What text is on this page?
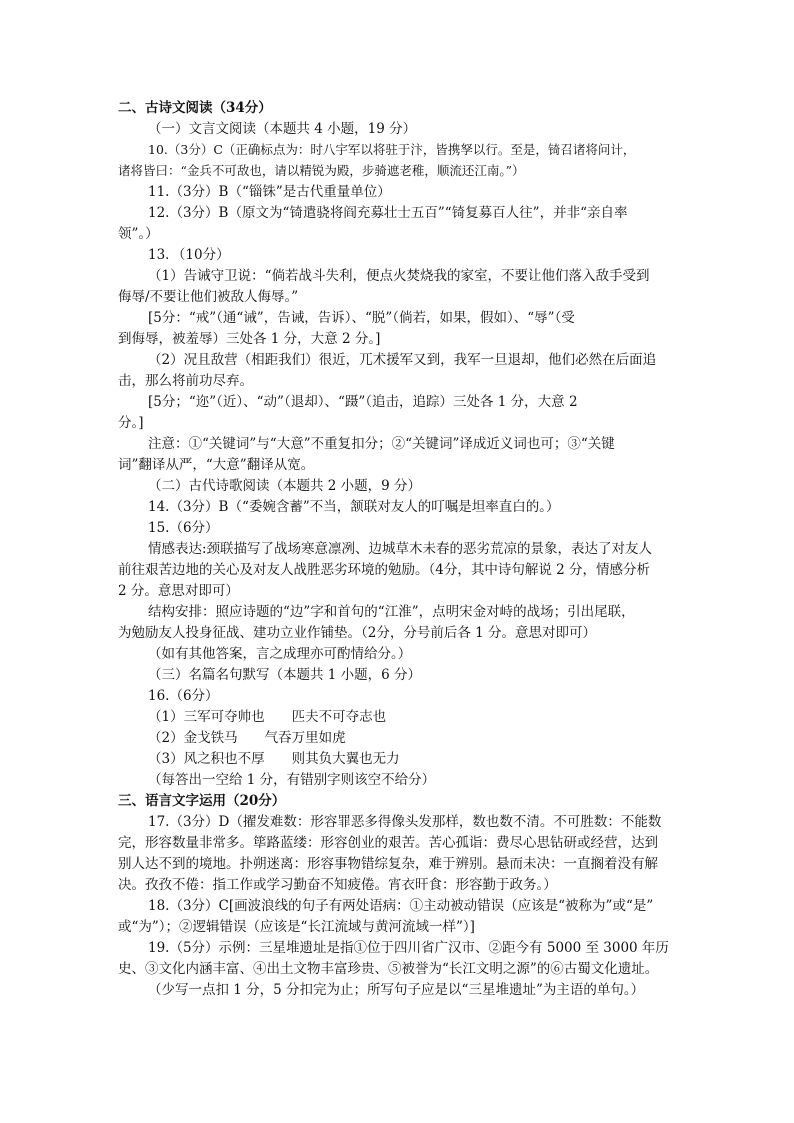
二、古诗文阅读（34分）
（一）文言文阅读（本题共 4 小题，19 分）
10.（3分）C（正确标点为：时八宇军以将驻于汴，皆携孥以行。至是，锜召诸将问计，
诸将皆曰：“金兵不可敌也，请以精锐为殿，步骑遮老稚，顺流还江南。”）
11.（3分）B（“锱铢”是古代重量单位）
12.（3分）B（原文为“锜遣骁将阎充募壮士五百”“锜复募百人往”，并非“亲自率
领”。）
13．（10分）
（1）告诫守卫说：“倘若战斗失利，便点火焚烧我的家室，不要让他们落入敌手受到
侮辱/不要让他们被敌人侮辱。”
[5分：“戒”（通“诫”，告诫，告诉）、“脱”（倘若，如果，假如）、“辱”（受
到侮辱，被羞辱）三处各 1 分，大意 2 分。]
（2）况且敌营（相距我们）很近，兀术援军又到，我军一旦退却，他们必然在后面追
击，那么将前功尽弃。
[5分；“迩”（近）、“动”（退却）、“蹑”（追击，追踪）三处各 1 分，大意 2
分。]
注意：①“关键词”与“大意”不重复扣分；②“关键词”译成近义词也可；③“关键
词”翻译从严，“大意”翻译从宽。
（二）古代诗歌阅读（本题共 2 小题，9 分）
14.（3分）B（“委婉含蓄”不当，颔联对友人的叮嘱是坦率直白的。）
15.（6分）
情感表达:颈联描写了战场寒意凛冽、边城草木未春的恶劣荒凉的景象，表达了对友人
前往艰苦边地的关心及对友人战胜恶劣环境的勉励。（4分，其中诗句解说 2 分，情感分析
2 分。意思对即可）
结构安排：照应诗题的“边”字和首句的“江淮”，点明宋金对峙的战场；引出尾联，
为勉励友人投身征战、建功立业作铺垫。（2分，分号前后各 1 分。意思对即可）
（如有其他答案，言之成理亦可酌情给分。）
（三）名篇名句默写（本题共 1 小题，6 分）
16.（6分）
（1）三军可夺帅也　　匹夫不可夺志也
（2）金戈铁马　　气吞万里如虎
（3）风之积也不厚　　则其负大翼也无力
（每答出一空给 1 分，有错别字则该空不给分）
三、语言文字运用（20分）
17.（3分）D（擢发难数：形容罪恶多得像头发那样，数也数不清。不可胜数：不能数
完，形容数量非常多。筚路蓝缕：形容创业的艰苦。苦心孤诣：费尽心思钻研或经营，达到
别人达不到的境地。扑朔迷离：形容事物错综复杂，难于辨别。悬而未决：一直搁着没有解
决。孜孜不倦：指工作或学习勤奋不知疲倦。宵衣旰食：形容勤于政务。）
18.（3分）C[画波浪线的句子有两处语病：①主动被动错误（应该是“被称为”或“是”
或“为”）；②逻辑错误（应该是“长江流域与黄河流域一样”）]
19.（5分）示例：三星堆遗址是指①位于四川省广汉市、②距今有 5000 至 3000 年历
史、③文化内涵丰富、④出土文物丰富珍贵、⑤被誉为“长江文明之源”的⑥古蜀文化遗址。
（少写一点扣 1 分，5 分扣完为止；所写句子应是以“三星堆遗址”为主语的单句。）
